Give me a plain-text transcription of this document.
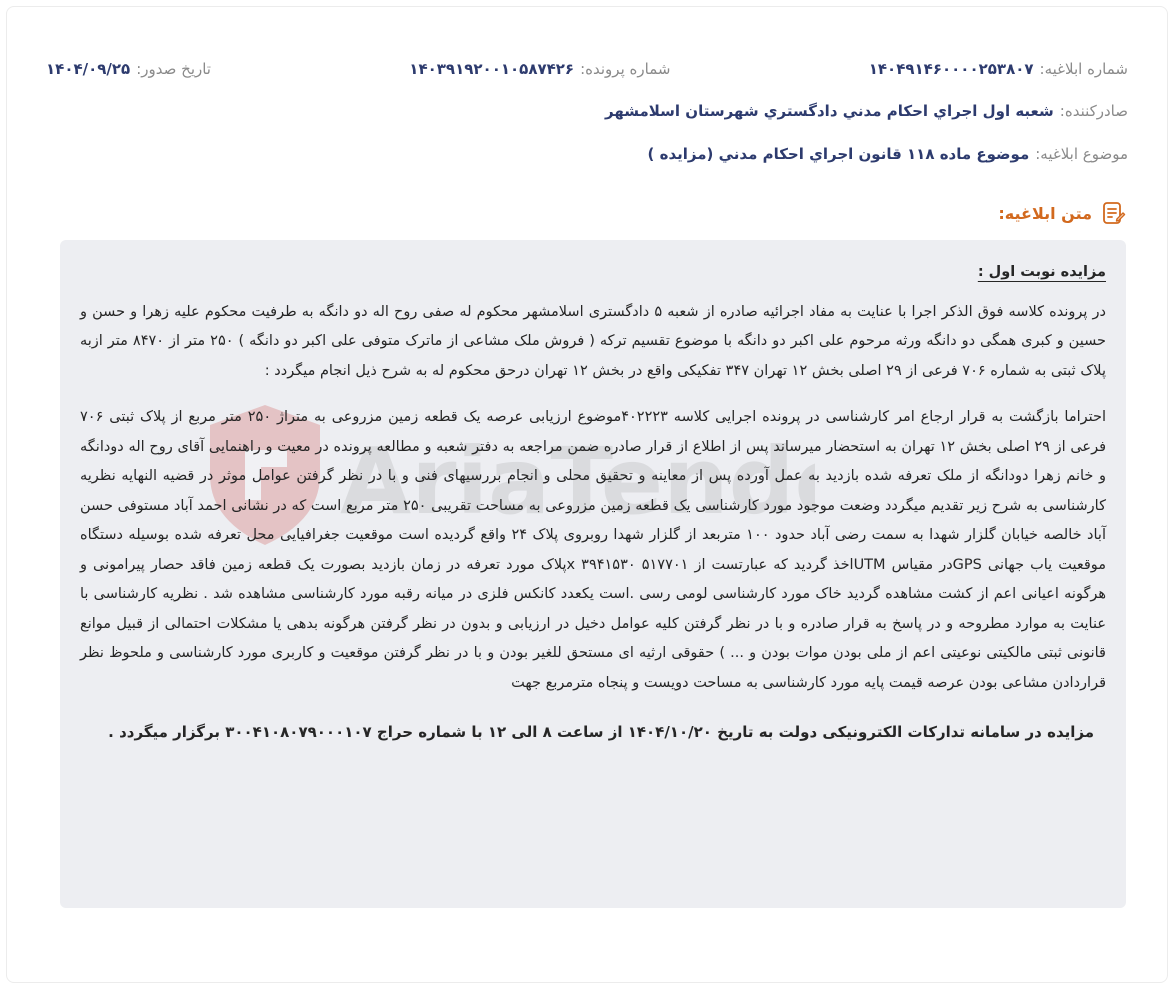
شماره ابلاغیه:
۱۴۰۴۹۱۴۶۰۰۰۰۲۵۳۸۰۷
شماره پرونده:
۱۴۰۳۹۱۹۲۰۰۱۰۵۸۷۴۲۶
تاریخ صدور:
۱۴۰۴/۰۹/۲۵
صادرکننده:
شعبه اول اجراي احكام مدني دادگستري شهرستان اسلامشهر
موضوع ابلاغیه:
موضوع ماده ۱۱۸ قانون اجراي احكام مدني (مزايده )
متن ابلاغیه:
AriaTend

مزایده نوبت اول :

در پرونده کلاسه فوق الذکر اجرا با عنایت به مفاد اجرائیه صادره از شعبه ۵ دادگستری اسلامشهر محکوم له صفی روح اله دو دانگه به طرفیت محکوم علیه زهرا و حسن و حسین و کبری همگی دو دانگه ورثه مرحوم علی اکبر دو دانگه با موضوع تقسیم ترکه ( فروش ملک مشاعی از ماترک متوفی علی اکبر دو دانگه ) ۲۵۰ متر از ۸۴۷۰ متر ازبه پلاک ثبتی به شماره ۷۰۶ فرعی از ۲۹ اصلی بخش ۱۲ تهران ۳۴۷ تفکیکی واقع در بخش ۱۲ تهران درحق محکوم له به شرح ذیل انجام میگردد :

احتراما بازگشت به قرار ارجاع امر کارشناسی در پرونده اجرایی کلاسه ۴۰۲۲۲۳موضوع ارزیابی عرصه یک قطعه زمین مزروعی به متراژ ۲۵۰ متر مربع از پلاک ثبتی ۷۰۶ فرعی از ۲۹ اصلی بخش ۱۲ تهران به استحضار میرساند پس از اطلاع از قرار صادره ضمن مراجعه به دفتر شعبه و مطالعه پرونده در معیت و راهنمایی آقای روح اله دودانگه و خانم زهرا دودانگه از ملک تعرفه شده بازدید به عمل آورده پس از معاینه و تحقیق محلی و انجام بررسیهای فنی و با در نظر گرفتن عوامل موثر در قضیه النهایه نظریه کارشناسی به شرح زیر تقدیم میگردد وضعت موجود مورد کارشناسی یک قطعه زمین مزروعی به مساحت تقریبی ۲۵۰ متر مربع است که در نشانی احمد آباد مستوفی حسن آباد خالصه خیابان گلزار شهدا به سمت رضی آباد حدود ۱۰۰ متربعد از گلزار شهدا روبروی پلاک ۲۴ واقع گردیده است موقعیت جغرافیایی محل تعرفه شده بوسیله دستگاه موقعیت یاب جهانی GPSدر مقیاس UTMاخذ گردید که عبارتست از ۵۱۷۷۰۱ ۳۹۴۱۵۳۰ xپلاک مورد تعرفه در زمان بازدید بصورت یک قطعه زمین فاقد حصار پیرامونی و هرگونه اعیانی اعم از کشت مشاهده گردید خاک مورد کارشناسی لومی رسی .است یکعدد کانکس فلزی در میانه رقبه مورد کارشناسی مشاهده شد . نظریه کارشناسی با عنایت به موارد مطروحه و در پاسخ به قرار صادره و با در نظر گرفتن کلیه عوامل دخیل در ارزیابی و بدون در نظر گرفتن هرگونه بدهی یا مشکلات احتمالی از قبیل موانع قانونی ثبتی مالکیتی نوعیتی اعم از ملی بودن موات بودن و ... ) حقوقی ارثیه ای مستحق للغیر بودن و با در نظر گرفتن موقعیت و کاربری مورد کارشناسی و ملحوظ نظر قراردادن مشاعی بودن عرصه قیمت پایه مورد کارشناسی به مساحت دویست و پنجاه مترمربع جهت

مزایده در سامانه تدارکات الکترونیکی دولت به تاریخ ۱۴۰۴/۱۰/۲۰ از ساعت ۸ الی ۱۲ با شماره حراج ۳۰۰۴۱۰۸۰۷۹۰۰۰۱۰۷ برگزار میگردد .
